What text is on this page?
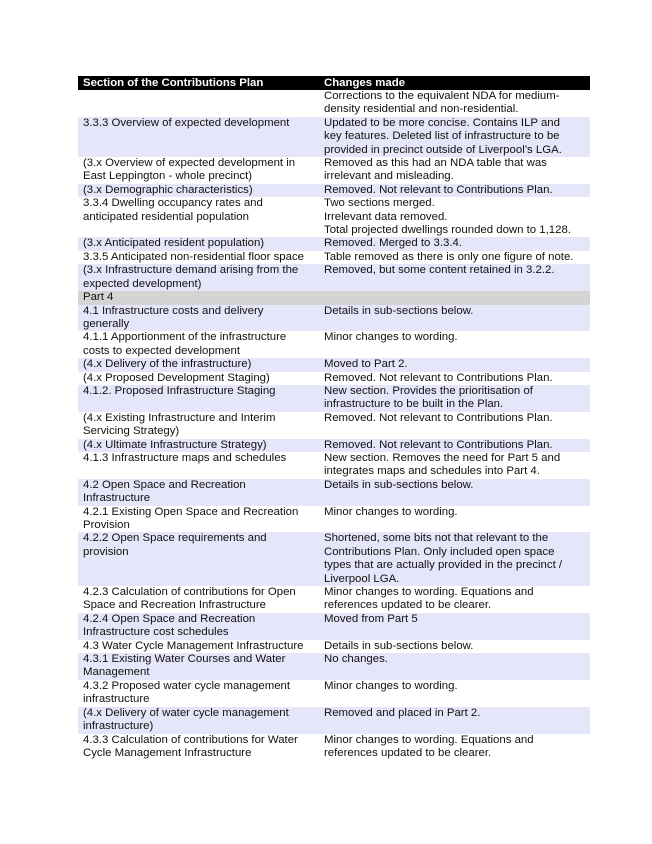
Section of the Contributions Plan	Changes made
	Corrections to the equivalent NDA for medium-
density residential and non-residential.
3.3.3 Overview of expected development	Updated to be more concise. Contains ILP and
key features. Deleted list of infrastructure to be
provided in precinct outside of Liverpool’s LGA.
(3.x Overview of expected development in
East Leppington - whole precinct)	Removed as this had an NDA table that was
irrelevant and misleading.
(3.x Demographic characteristics)	Removed. Not relevant to Contributions Plan.
3.3.4 Dwelling occupancy rates and
anticipated residential population	Two sections merged.
Irrelevant data removed.
Total projected dwellings rounded down to 1,128.
(3.x Anticipated resident population)	Removed. Merged to 3.3.4.
3.3.5 Anticipated non-residential floor space	Table removed as there is only one figure of note.
(3.x Infrastructure demand arising from the
expected development)	Removed, but some content retained in 3.2.2.
Part 4	
4.1 Infrastructure costs and delivery
generally	Details in sub-sections below.
4.1.1 Apportionment of the infrastructure
costs to expected development	Minor changes to wording.
(4.x Delivery of the infrastructure)	Moved to Part 2.
(4.x Proposed Development Staging)	Removed. Not relevant to Contributions Plan.
4.1.2. Proposed Infrastructure Staging	New section. Provides the prioritisation of
infrastructure to be built in the Plan.
(4.x Existing Infrastructure and Interim
Servicing Strategy)	Removed. Not relevant to Contributions Plan.
(4.x Ultimate Infrastructure Strategy)	Removed. Not relevant to Contributions Plan.
4.1.3 Infrastructure maps and schedules	New section. Removes the need for Part 5 and
integrates maps and schedules into Part 4.
4.2 Open Space and Recreation
Infrastructure	Details in sub-sections below.
4.2.1 Existing Open Space and Recreation
Provision	Minor changes to wording.
4.2.2 Open Space requirements and
provision	Shortened, some bits not that relevant to the
Contributions Plan. Only included open space
types that are actually provided in the precinct /
Liverpool LGA.
4.2.3 Calculation of contributions for Open
Space and Recreation Infrastructure	Minor changes to wording. Equations and
references updated to be clearer.
4.2.4 Open Space and Recreation
Infrastructure cost schedules	Moved from Part 5
4.3 Water Cycle Management Infrastructure	Details in sub-sections below.
4.3.1 Existing Water Courses and Water
Management	No changes.
4.3.2 Proposed water cycle management
infrastructure	Minor changes to wording.
(4.x Delivery of water cycle management
infrastructure)	Removed and placed in Part 2.
4.3.3 Calculation of contributions for Water
Cycle Management Infrastructure	Minor changes to wording. Equations and
references updated to be clearer.
